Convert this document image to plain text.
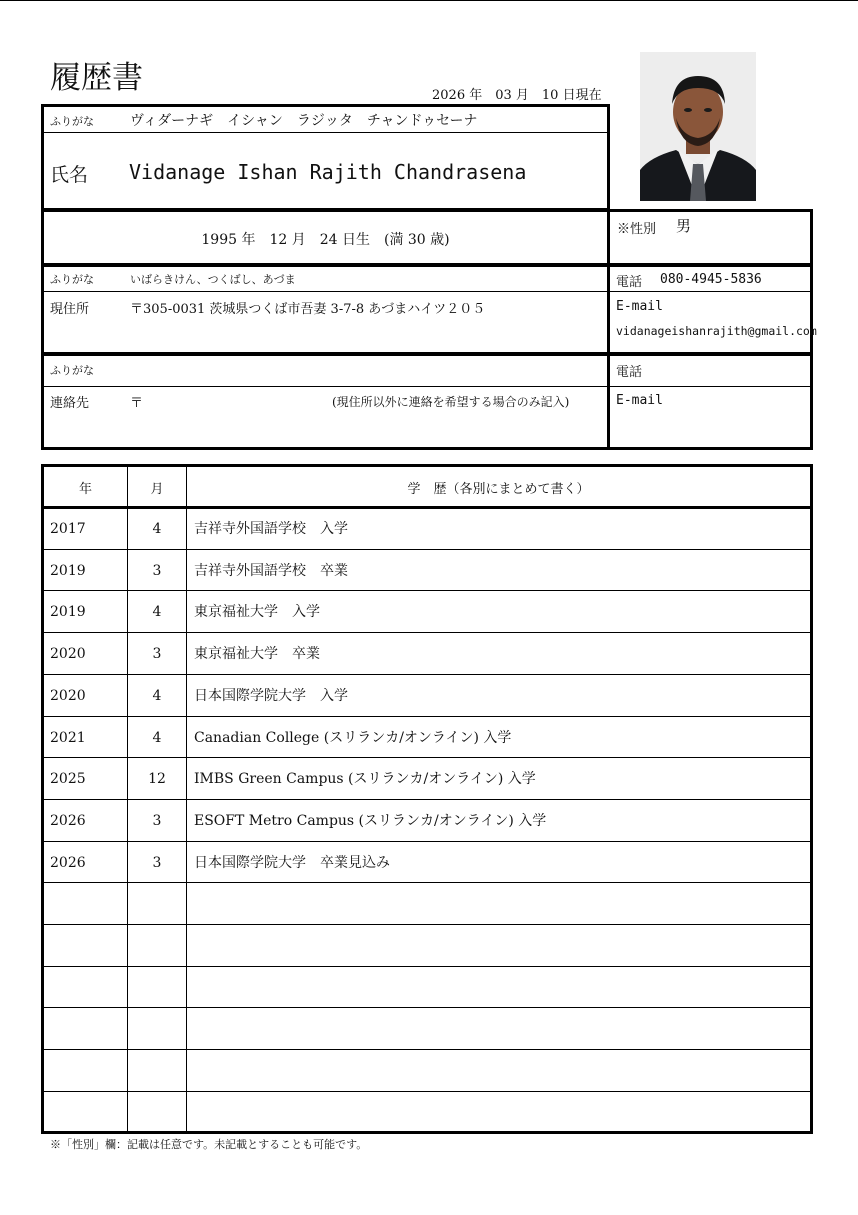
履歴書	2026 年　03 月　10 日現在
ふりがな	ヴィダーナギ　イシャン　ラジッタ　チャンドゥセーナ
氏名 Vidanage Ishan Rajith Chandrasena
1995 年　12 月　24 日生　(満 30 歳)
※性別 男
ふりがな	いばらきけん、つくばし、あづま
現住所	〒305-0031 茨城県つくば市吾妻 3-7-8 あづまハイツ２０５
電話 080-4945-5836
E-mail
vidanageishanrajith@gmail.com
ふりがな
連絡先	〒	(現住所以外に連絡を希望する場合のみ記入)
電話
E-mail
年	月	学　歴（各別にまとめて書く）
2017	4	吉祥寺外国語学校　入学
2019	3	吉祥寺外国語学校　卒業
2019	4	東京福祉大学　入学
2020	3	東京福祉大学　卒業
2020	4	日本国際学院大学　入学
2021	4	Canadian College (スリランカ/オンライン) 入学
2025	12	IMBS Green Campus (スリランカ/オンライン) 入学
2026	3	ESOFT Metro Campus (スリランカ/オンライン) 入学
2026	3	日本国際学院大学　卒業見込み
※「性別」欄：記載は任意です。未記載とすることも可能です。
